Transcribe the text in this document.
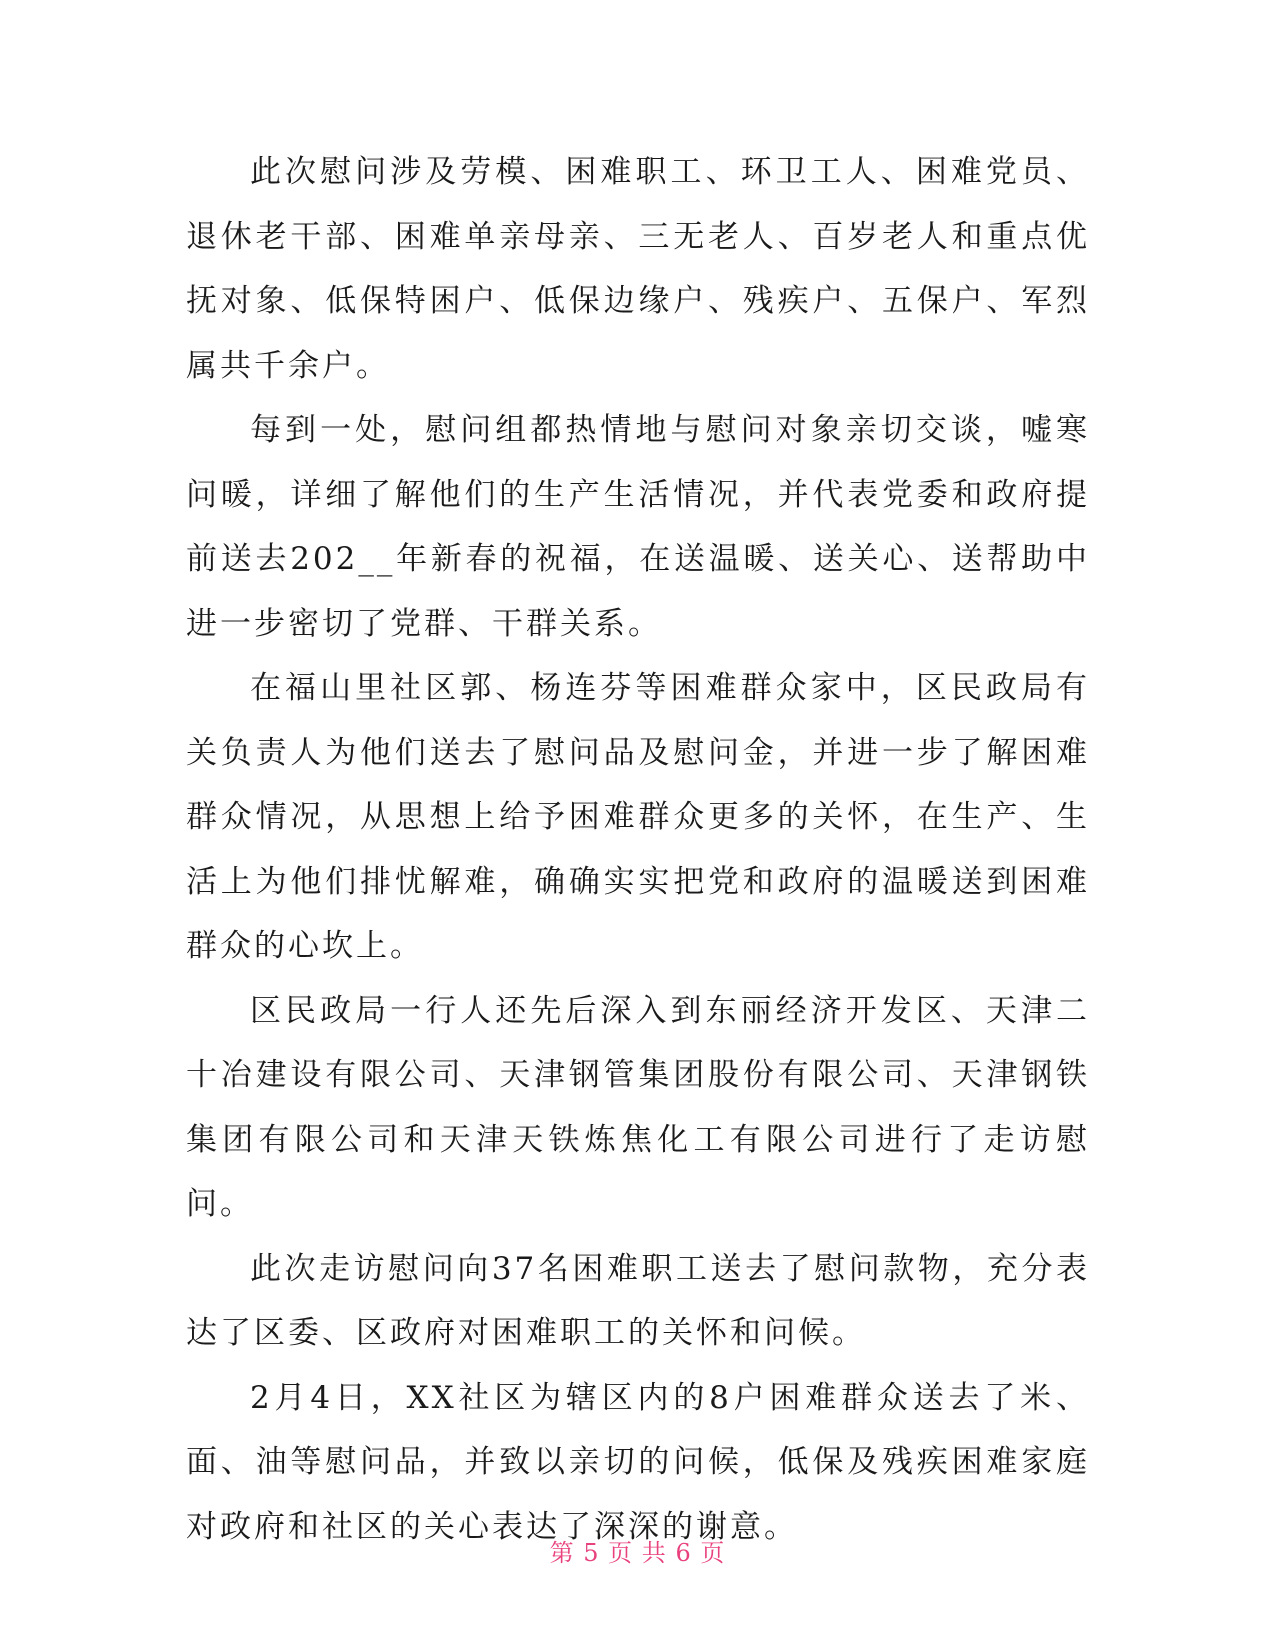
此次慰问涉及劳模、困难职工、环卫工人、困难党员、退休老干部、困难单亲母亲、三无老人、百岁老人和重点优抚对象、低保特困户、低保边缘户、残疾户、五保户、军烈属共千余户。

每到一处，慰问组都热情地与慰问对象亲切交谈，嘘寒问暖，详细了解他们的生产生活情况，并代表党委和政府提前送去202__年新春的祝福，在送温暖、送关心、送帮助中进一步密切了党群、干群关系。

在福山里社区郭、杨连芬等困难群众家中，区民政局有关负责人为他们送去了慰问品及慰问金，并进一步了解困难群众情况，从思想上给予困难群众更多的关怀，在生产、生活上为他们排忧解难，确确实实把党和政府的温暖送到困难群众的心坎上。

区民政局一行人还先后深入到东丽经济开发区、天津二十冶建设有限公司、天津钢管集团股份有限公司、天津钢铁集团有限公司和天津天铁炼焦化工有限公司进行了走访慰问。

此次走访慰问向37名困难职工送去了慰问款物，充分表达了区委、区政府对困难职工的关怀和问候。

2月4日，XX社区为辖区内的8户困难群众送去了米、面、油等慰问品，并致以亲切的问候，低保及残疾困难家庭对政府和社区的关心表达了深深的谢意。

第 5 页 共 6 页
